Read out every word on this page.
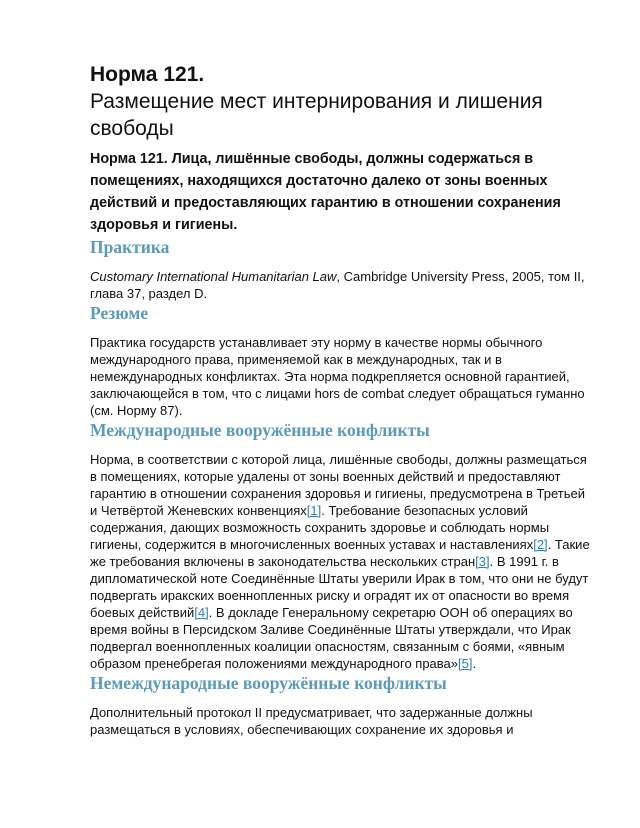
Норма 121.
Размещение мест интернирования и лишения свободы

Норма 121. Лица, лишённые свободы, должны содержаться в помещениях, находящихся достаточно далеко от зоны военных действий и предоставляющих гарантию в отношении сохранения здоровья и гигиены.

Практика

Customary International Humanitarian Law, Cambridge University Press, 2005, том II, глава 37, раздел D.

Резюме

Практика государств устанавливает эту норму в качестве нормы обычного международного права, применяемой как в международных, так и в немеждународных конфликтах. Эта норма подкрепляется основной гарантией, заключающейся в том, что с лицами hors de combat следует обращаться гуманно (см. Норму 87).

Международные вооружённые конфликты

Норма, в соответствии с которой лица, лишённые свободы, должны размещаться в помещениях, которые удалены от зоны военных действий и предоставляют гарантию в отношении сохранения здоровья и гигиены, предусмотрена в Третьей и Четвёртой Женевских конвенциях[1]. Требование безопасных условий содержания, дающих возможность сохранить здоровье и соблюдать нормы гигиены, содержится в многочисленных военных уставах и наставлениях[2]. Такие же требования включены в законодательства нескольких стран[3]. В 1991 г. в дипломатической ноте Соединённые Штаты уверили Ирак в том, что они не будут подвергать иракских военнопленных риску и оградят их от опасности во время боевых действий[4]. В докладе Генеральному секретарю ООН об операциях во время войны в Персидском Заливе Соединённые Штаты утверждали, что Ирак подвергал военнопленных коалиции опасностям, связанным с боями, «явным образом пренебрегая положениями международного права»[5].

Немеждународные вооружённые конфликты

Дополнительный протокол II предусматривает, что задержанные должны размещаться в условиях, обеспечивающих сохранение их здоровья и
